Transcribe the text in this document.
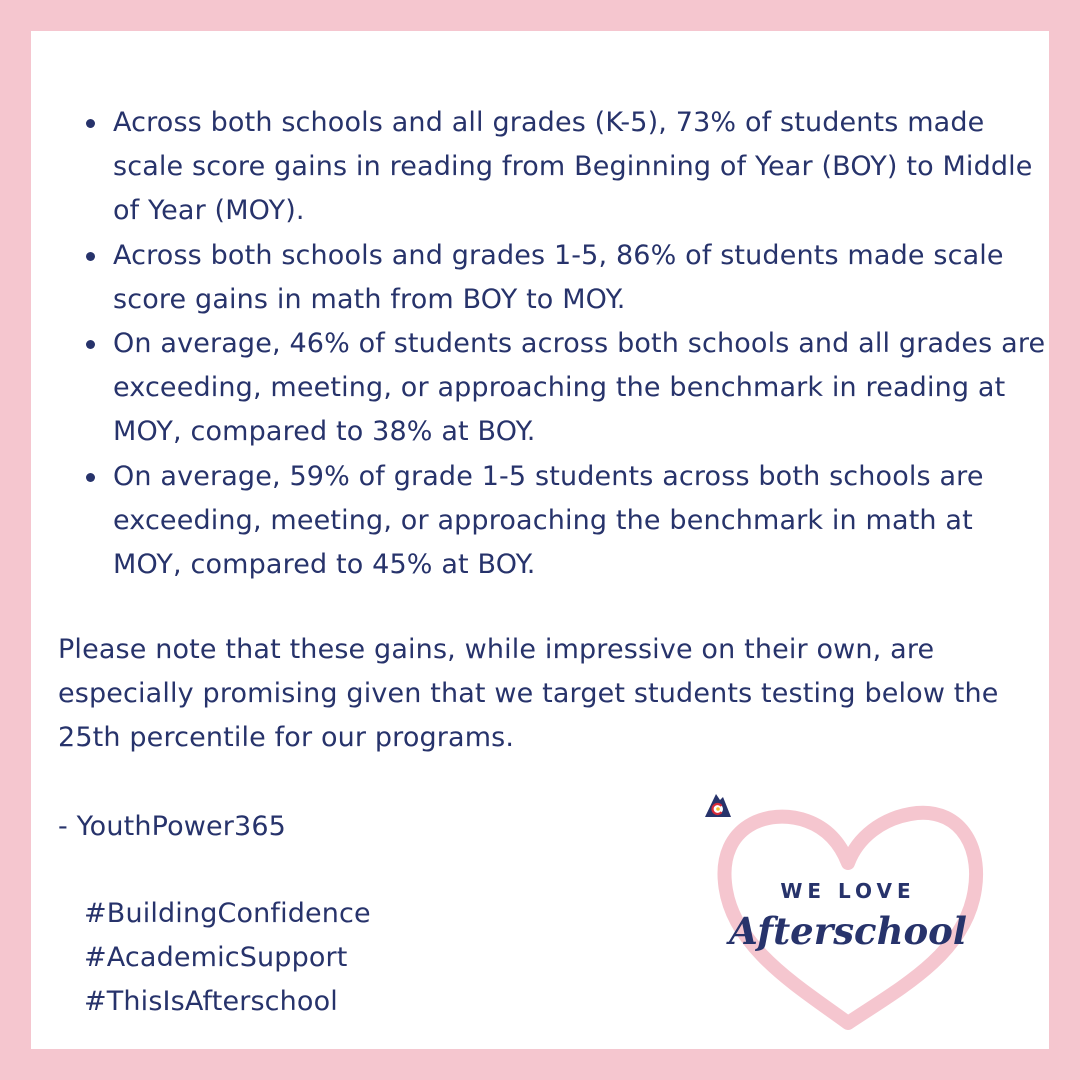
Across both schools and all grades (K-5), 73% of students made scale score gains in reading from Beginning of Year (BOY) to Middle of Year (MOY).
Across both schools and grades 1-5, 86% of students made scale score gains in math from BOY to MOY.
On average, 46% of students across both schools and all grades are exceeding, meeting, or approaching the benchmark in reading at MOY, compared to 38% at BOY.
On average, 59% of grade 1-5 students across both schools are exceeding, meeting, or approaching the benchmark in math at MOY, compared to 45% at BOY.

Please note that these gains, while impressive on their own, are especially promising given that we target students testing below the 25th percentile for our programs.

- YouthPower365

#BuildingConfidence
#AcademicSupport
#ThisIsAfterschool
WE LOVE
Afterschool
